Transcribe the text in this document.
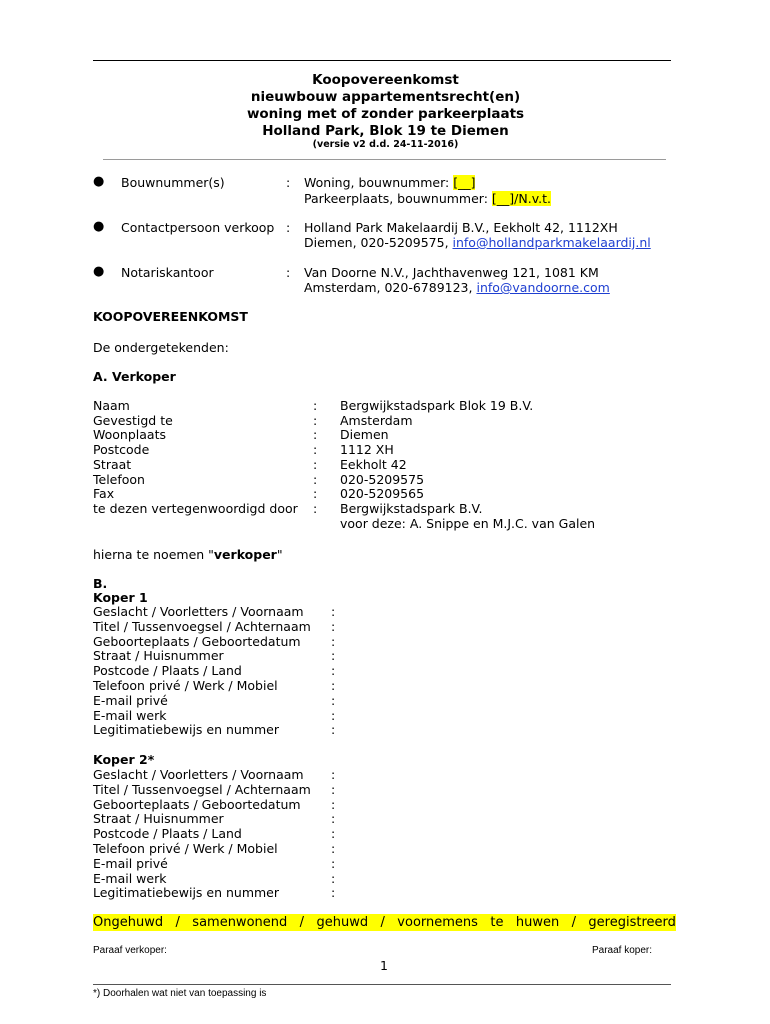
Koopovereenkomst
nieuwbouw appartementsrecht(en)
woning met of zonder parkeerplaats
Holland Park, Blok 19 te Diemen
(versie v2 d.d. 24-11-2016)
● Bouwnummer(s)	: Woning, bouwnummer: [__]
Parkeerplaats, bouwnummer: [__]/N.v.t.
● Contactpersoon verkoop : Holland Park Makelaardij B.V., Eekholt 42, 1112XH
Diemen, 020-5209575, info@hollandparkmakelaardij.nl
● Notariskantoor	: Van Doorne N.V., Jachthavenweg 121, 1081 KM
Amsterdam, 020-6789123, info@vandoorne.com
KOOPOVEREENKOMST
De ondergetekenden:
A. Verkoper
Naam	: Bergwijkstadspark Blok 19 B.V.
Gevestigd te	: Amsterdam
Woonplaats	: Diemen
Postcode	: 1112 XH
Straat	: Eekholt 42
Telefoon	: 020-5209575
Fax	: 020-5209565
te dezen vertegenwoordigd door : Bergwijkstadspark B.V.
voor deze: A. Snippe en M.J.C. van Galen
hierna te noemen "verkoper"
B.
Koper 1
Geslacht / Voorletters / Voornaam :
Titel / Tussenvoegsel / Achternaam :
Geboorteplaats / Geboortedatum :
Straat / Huisnummer	:
Postcode / Plaats / Land	:
Telefoon privé / Werk / Mobiel	:
E-mail privé	:
E-mail werk	:
Legitimatiebewijs en nummer	:
Koper 2*
Geslacht / Voorletters / Voornaam :
Titel / Tussenvoegsel / Achternaam :
Geboorteplaats / Geboortedatum :
Straat / Huisnummer	:
Postcode / Plaats / Land	:
Telefoon privé / Werk / Mobiel	:
E-mail privé	:
E-mail werk	:
Legitimatiebewijs en nummer	:
Ongehuwd / samenwonend / gehuwd / voornemens te huwen / geregistreerd
Paraaf verkoper:	Paraaf koper:
1
*) Doorhalen wat niet van toepassing is
